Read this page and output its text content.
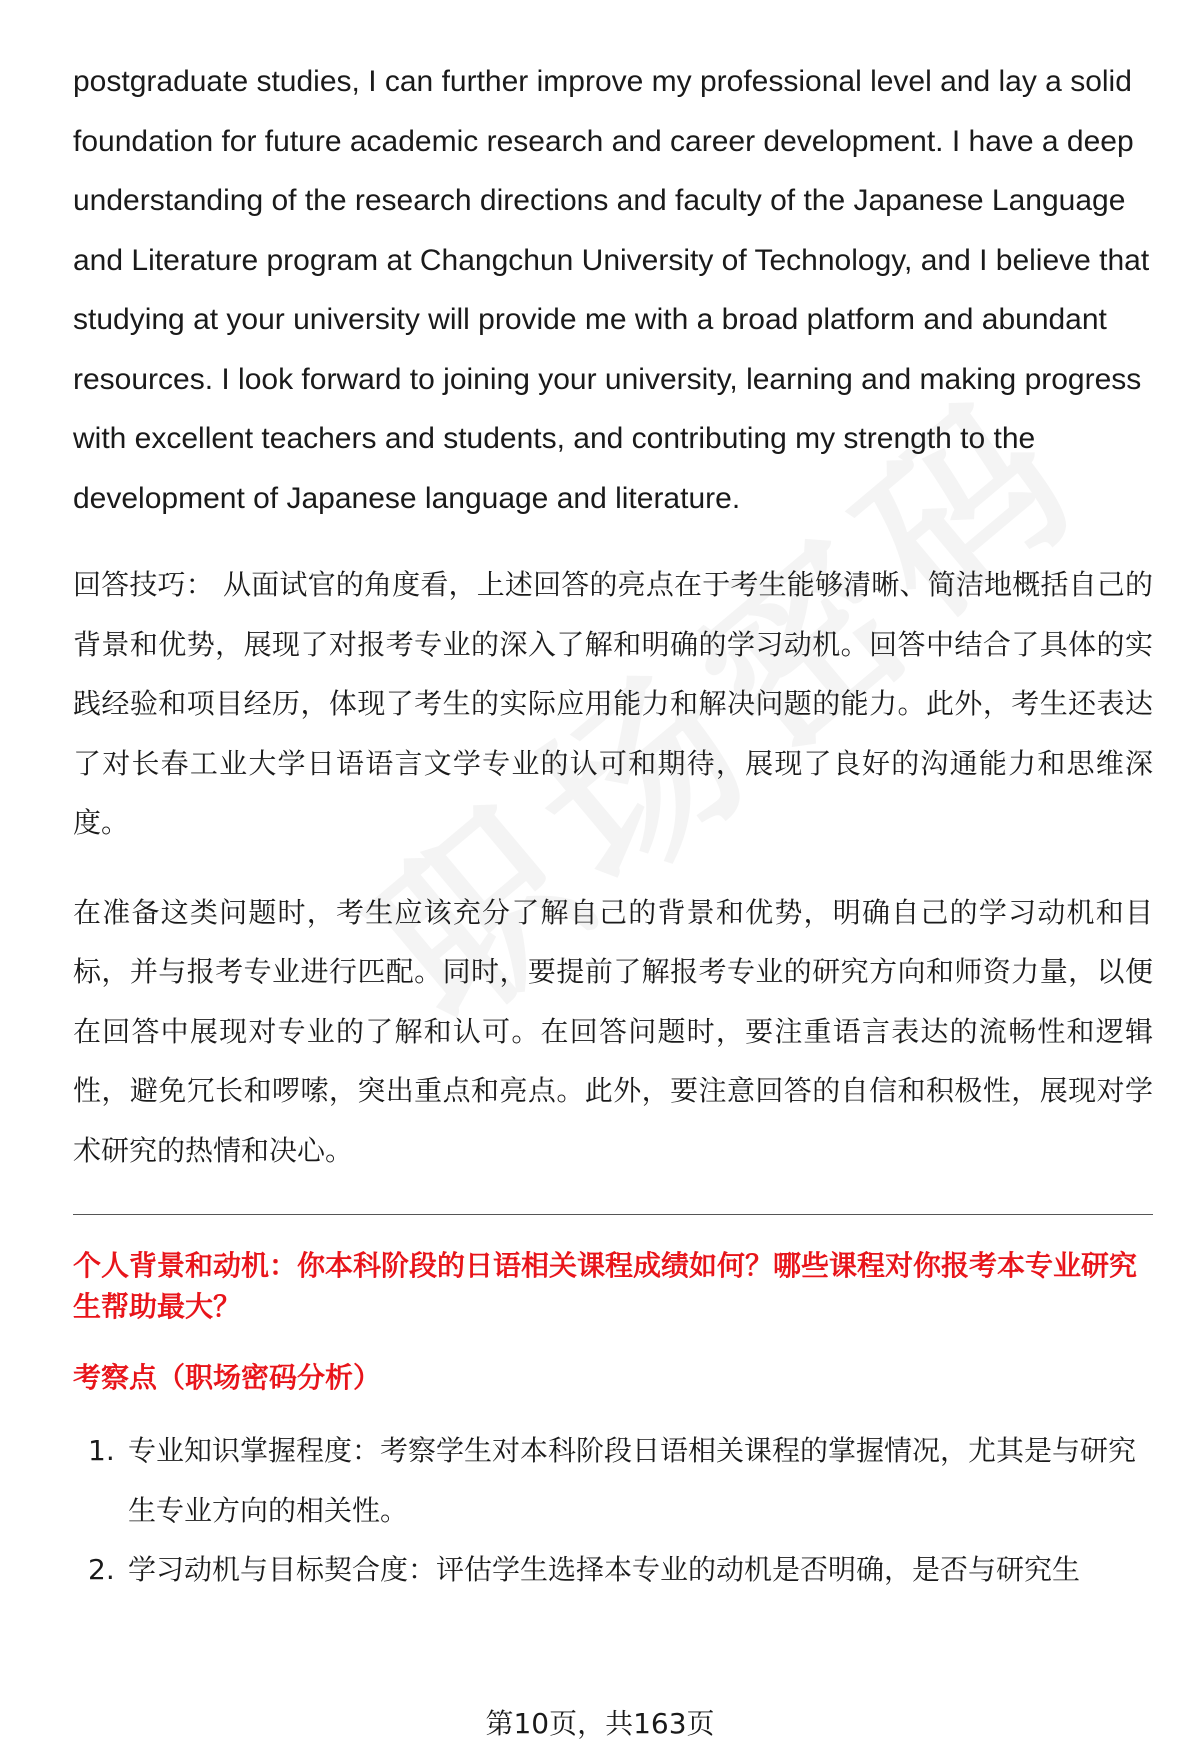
postgraduate studies, I can further improve my professional level and lay a solid foundation for future academic research and career development. I have a deep understanding of the research directions and faculty of the Japanese Language and Literature program at Changchun University of Technology, and I believe that studying at your university will provide me with a broad platform and abundant resources. I look forward to joining your university, learning and making progress with excellent teachers and students, and contributing my strength to the development of Japanese language and literature.

回答技巧： 从面试官的角度看，上述回答的亮点在于考生能够清晰、简洁地概括自己的背景和优势，展现了对报考专业的深入了解和明确的学习动机。回答中结合了具体的实践经验和项目经历，体现了考生的实际应用能力和解决问题的能力。此外，考生还表达了对长春工业大学日语语言文学专业的认可和期待，展现了良好的沟通能力和思维深度。

在准备这类问题时，考生应该充分了解自己的背景和优势，明确自己的学习动机和目标，并与报考专业进行匹配。同时，要提前了解报考专业的研究方向和师资力量，以便在回答中展现对专业的了解和认可。在回答问题时，要注重语言表达的流畅性和逻辑性，避免冗长和啰嗦，突出重点和亮点。此外，要注意回答的自信和积极性，展现对学术研究的热情和决心。

个人背景和动机：你本科阶段的日语相关课程成绩如何？哪些课程对你报考本专业研究生帮助最大？

考察点（职场密码分析）

1. 专业知识掌握程度：考察学生对本科阶段日语相关课程的掌握情况，尤其是与研究生专业方向的相关性。
2. 学习动机与目标契合度：评估学生选择本专业的动机是否明确，是否与研究生
第10页，共163页
